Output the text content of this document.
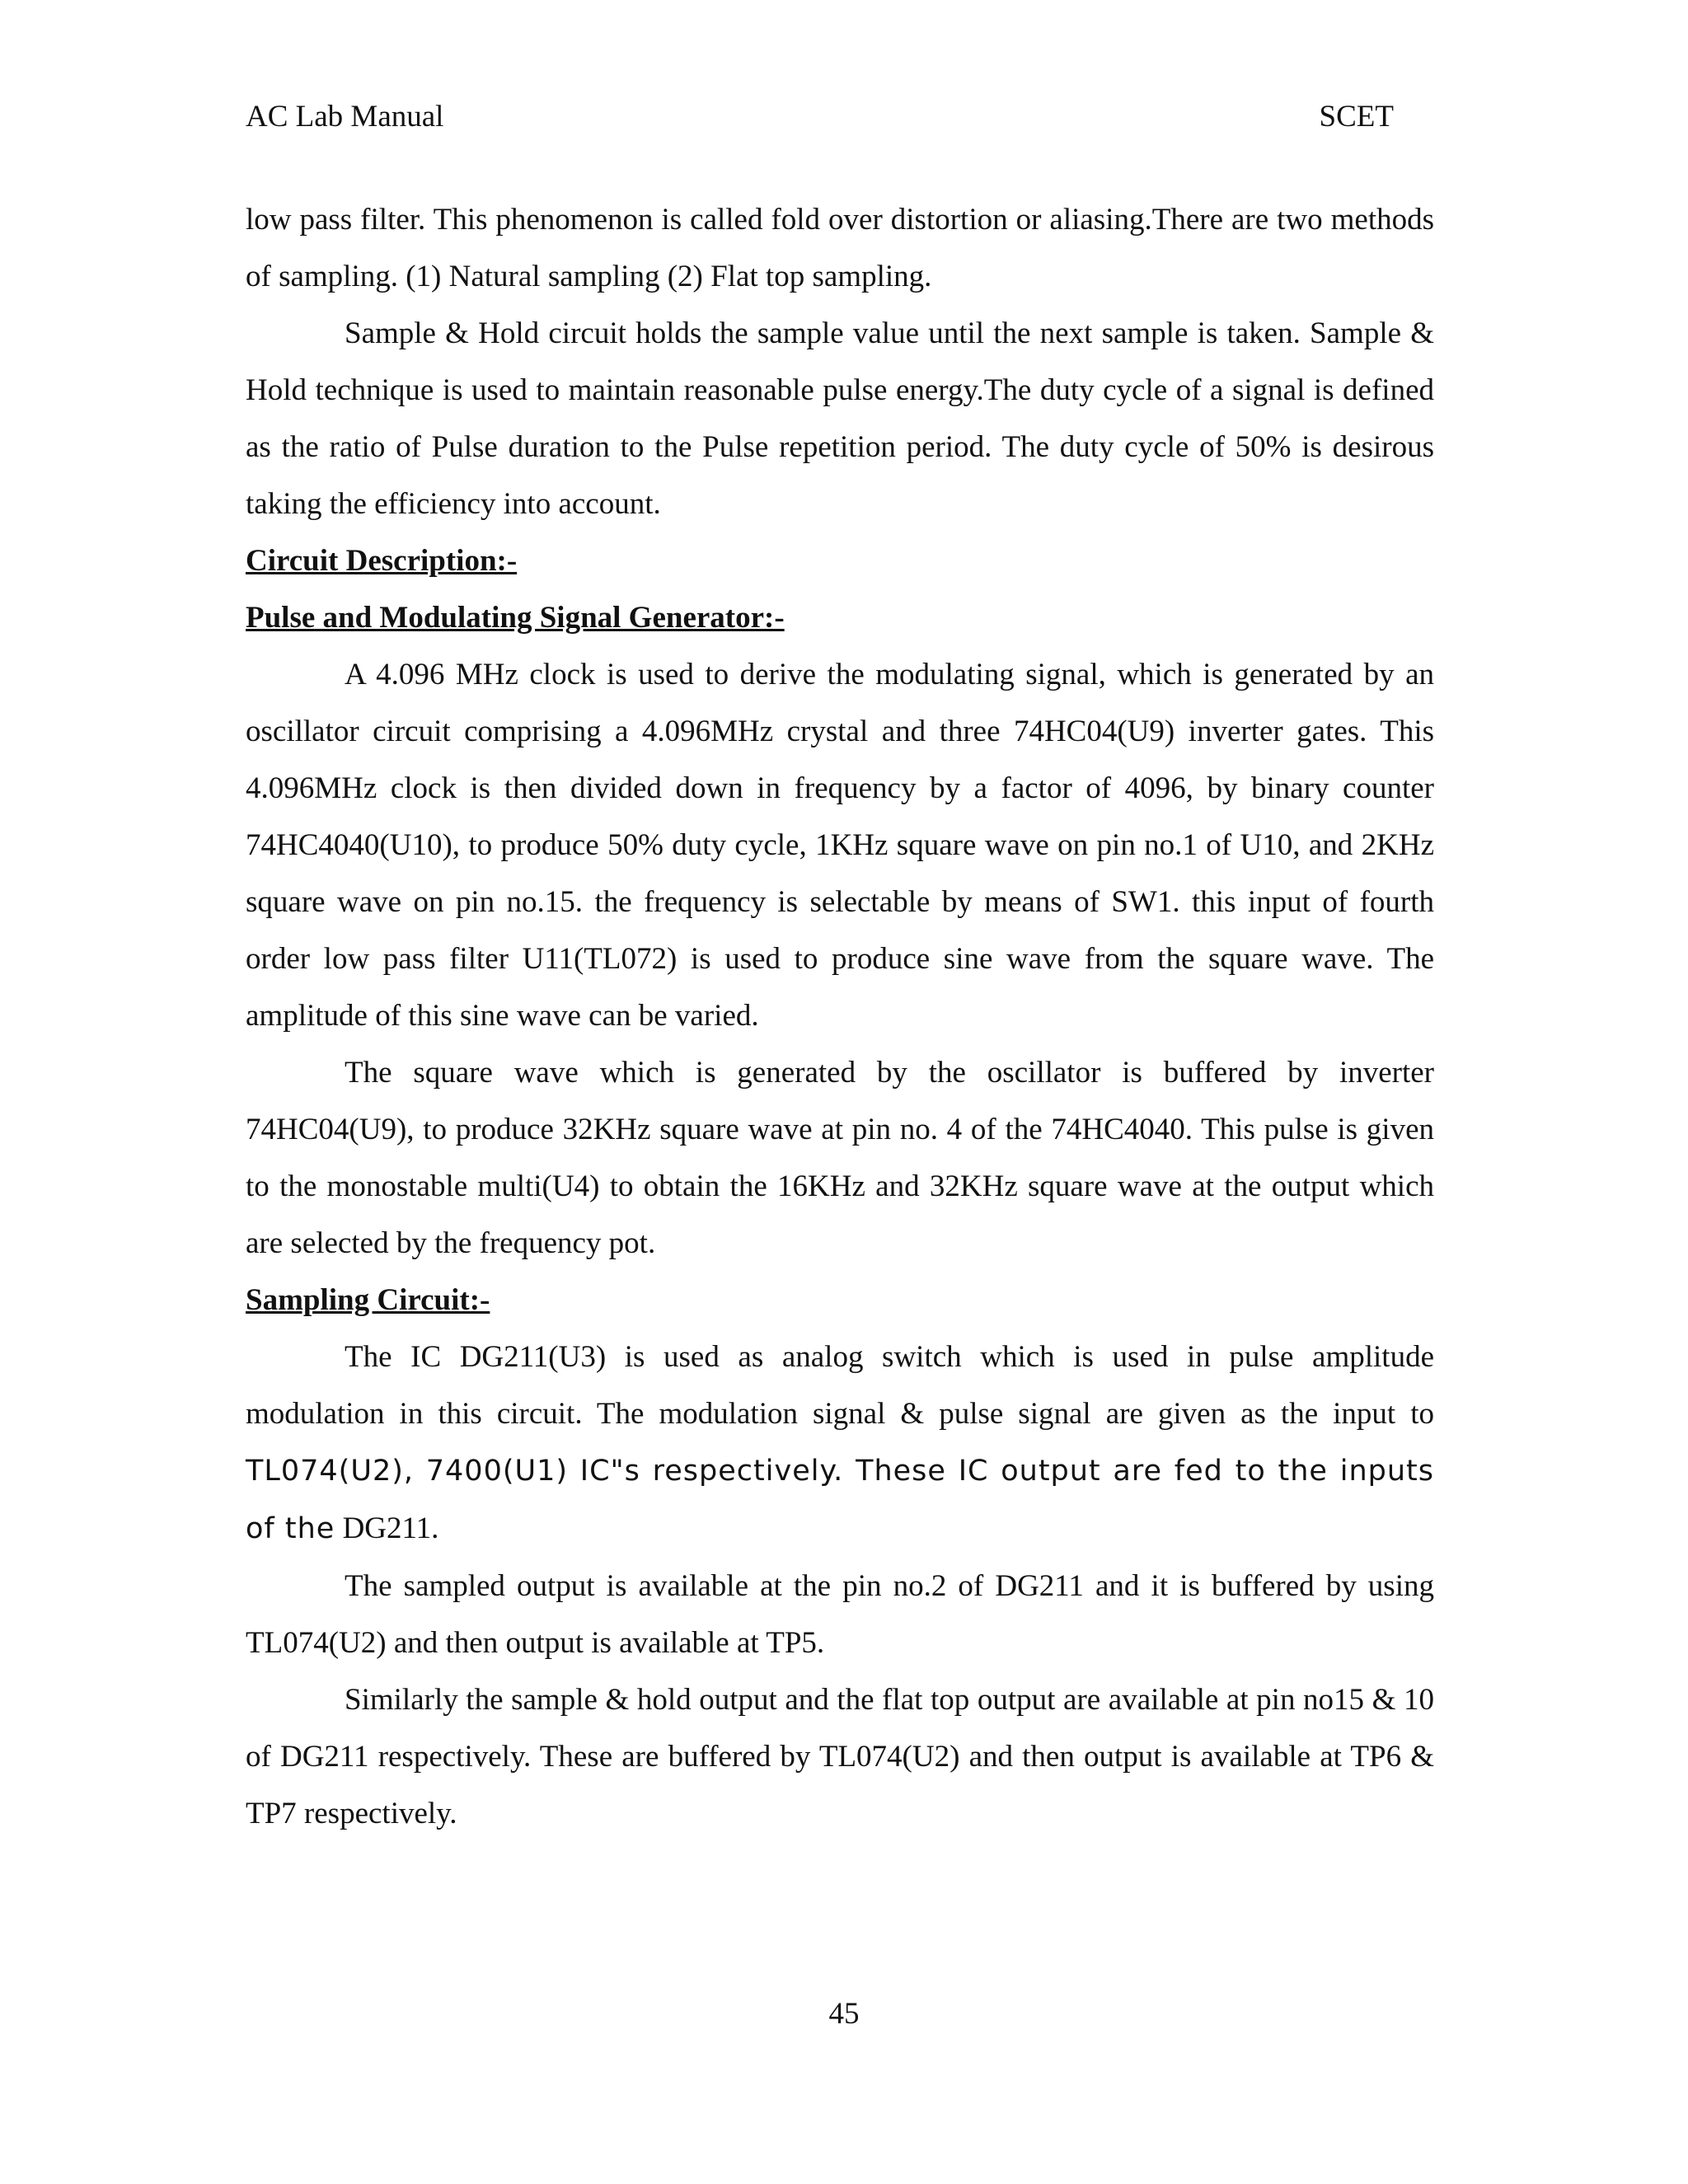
AC Lab Manual	SCET

low pass filter. This phenomenon is called fold over distortion or aliasing.There are two methods of sampling. (1) Natural sampling (2) Flat top sampling.

Sample & Hold circuit holds the sample value until the next sample is taken. Sample & Hold technique is used to maintain reasonable pulse energy.The duty cycle of a signal is defined as the ratio of Pulse duration to the Pulse repetition period. The duty cycle of 50% is desirous taking the efficiency into account.

Circuit Description:-
Pulse and Modulating Signal Generator:-

A 4.096 MHz clock is used to derive the modulating signal, which is generated by an oscillator circuit comprising a 4.096MHz crystal and three 74HC04(U9) inverter gates. This 4.096MHz clock is then divided down in frequency by a factor of 4096, by binary counter 74HC4040(U10), to produce 50% duty cycle, 1KHz square wave on pin no.1 of U10, and 2KHz square wave on pin no.15. the frequency is selectable by means of SW1. this input of fourth order low pass filter U11(TL072) is used to produce sine wave from the square wave. The amplitude of this sine wave can be varied.

The square wave which is generated by the oscillator is buffered by inverter 74HC04(U9), to produce 32KHz square wave at pin no. 4 of the 74HC4040. This pulse is given to the monostable multi(U4) to obtain the 16KHz and 32KHz square wave at the output which are selected by the frequency pot.

Sampling Circuit:-

The IC DG211(U3) is used as analog switch which is used in pulse amplitude modulation in this circuit. The modulation signal & pulse signal are given as the input to TL074(U2), 7400(U1) IC"s respectively. These IC output are fed to the inputs of the DG211.

The sampled output is available at the pin no.2 of DG211 and it is buffered by using TL074(U2) and then output is available at TP5.

Similarly the sample & hold output and the flat top output are available at pin no15 & 10 of DG211 respectively. These are buffered by TL074(U2) and then output is available at TP6 & TP7 respectively.

45
